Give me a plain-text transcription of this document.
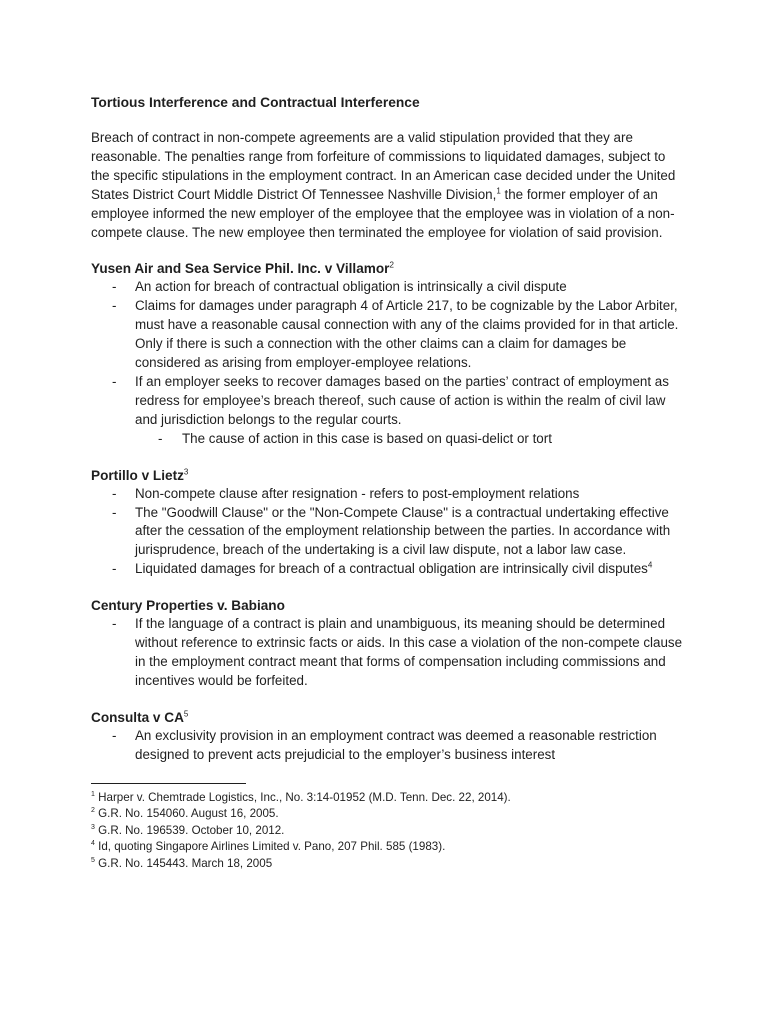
Tortious Interference and Contractual Interference

Breach of contract in non-compete agreements are a valid stipulation provided that they are reasonable. The penalties range from forfeiture of commissions to liquidated damages, subject to the specific stipulations in the employment contract. In an American case decided under the United States District Court Middle District Of Tennessee Nashville Division,$^1$ the former employer of an employee informed the new employer of the employee that the employee was in violation of a non-compete clause. The new employee then terminated the employee for violation of said provision.

Yusen Air and Sea Service Phil. Inc. v Villamor$^2$
- An action for breach of contractual obligation is intrinsically a civil dispute
- Claims for damages under paragraph 4 of Article 217, to be cognizable by the Labor Arbiter, must have a reasonable causal connection with any of the claims provided for in that article. Only if there is such a connection with the other claims can a claim for damages be considered as arising from employer-employee relations.
- If an employer seeks to recover damages based on the parties’ contract of employment as redress for employee’s breach thereof, such cause of action is within the realm of civil law and jurisdiction belongs to the regular courts.
- The cause of action in this case is based on quasi-delict or tort
Portillo v Lietz$^3$
- Non-compete clause after resignation - refers to post-employment relations
- The "Goodwill Clause" or the "Non-Compete Clause" is a contractual undertaking effective after the cessation of the employment relationship between the parties. In accordance with jurisprudence, breach of the undertaking is a civil law dispute, not a labor law case.
- Liquidated damages for breach of a contractual obligation are intrinsically civil disputes$^4$
Century Properties v. Babiano
- If the language of a contract is plain and unambiguous, its meaning should be determined without reference to extrinsic facts or aids. In this case a violation of the non-compete clause in the employment contract meant that forms of compensation including commissions and incentives would be forfeited.
Consulta v $CA^5$
- An exclusivity provision in an employment contract was deemed a reasonable restriction designed to prevent acts prejudicial to the employer’s business interest
$^1$ Harper v. Chemtrade Logistics, Inc., No. 3:14-01952 (M.D. Tenn. Dec. 22, 2014).
$^2$ G.R. No. 154060. August 16, 2005.
$^3$ G.R. No. 196539. October 10, 2012.
$^4$ Id, quoting Singapore Airlines Limited v. Pano, 207 Phil. 585 (1983).
$^5$ G.R. No. 145443. March 18, 2005
